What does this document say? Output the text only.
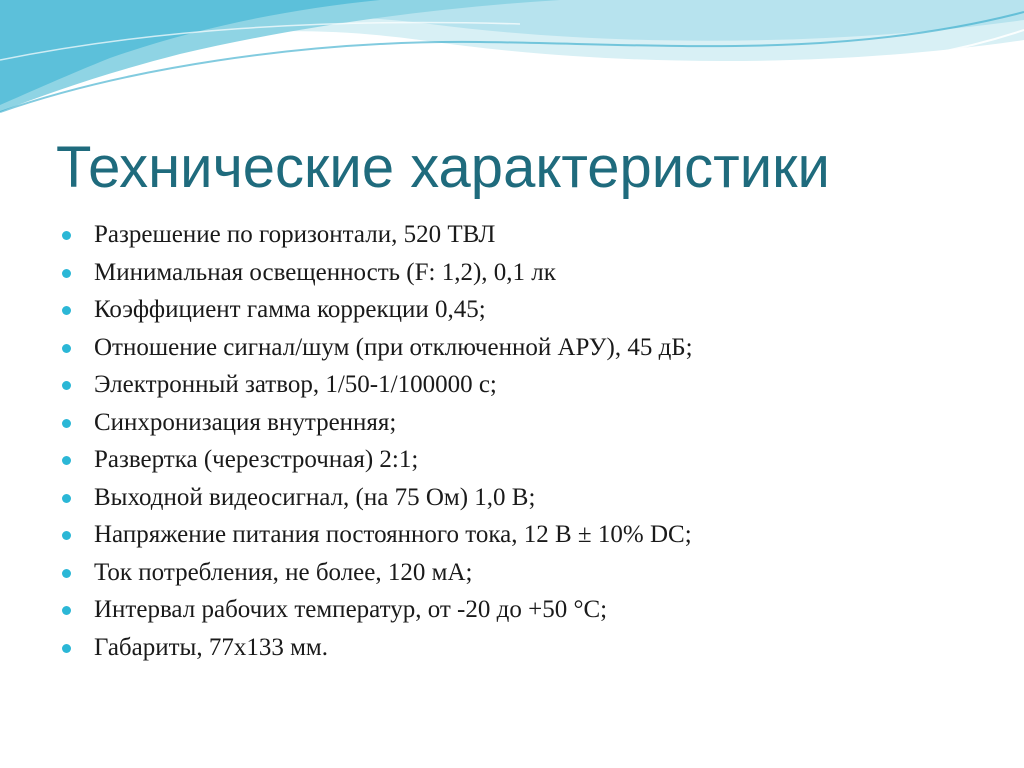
Технические характеристики
Разрешение по горизонтали, 520 ТВЛ
Минимальная освещенность (F: 1,2), 0,1 лк
Коэффициент гамма коррекции 0,45;
Отношение сигнал/шум (при отключенной АРУ), 45 дБ;
Электронный затвор, 1/50-1/100000 с;
Синхронизация внутренняя;
Развертка (черезстрочная) 2:1;
Выходной видеосигнал, (на 75 Ом) 1,0 В;
Напряжение питания постоянного тока, 12 В ± 10% DC;
Ток потребления, не более, 120 мА;
Интервал рабочих температур, от -20 до +50 °С;
Габариты, 77х133 мм.
